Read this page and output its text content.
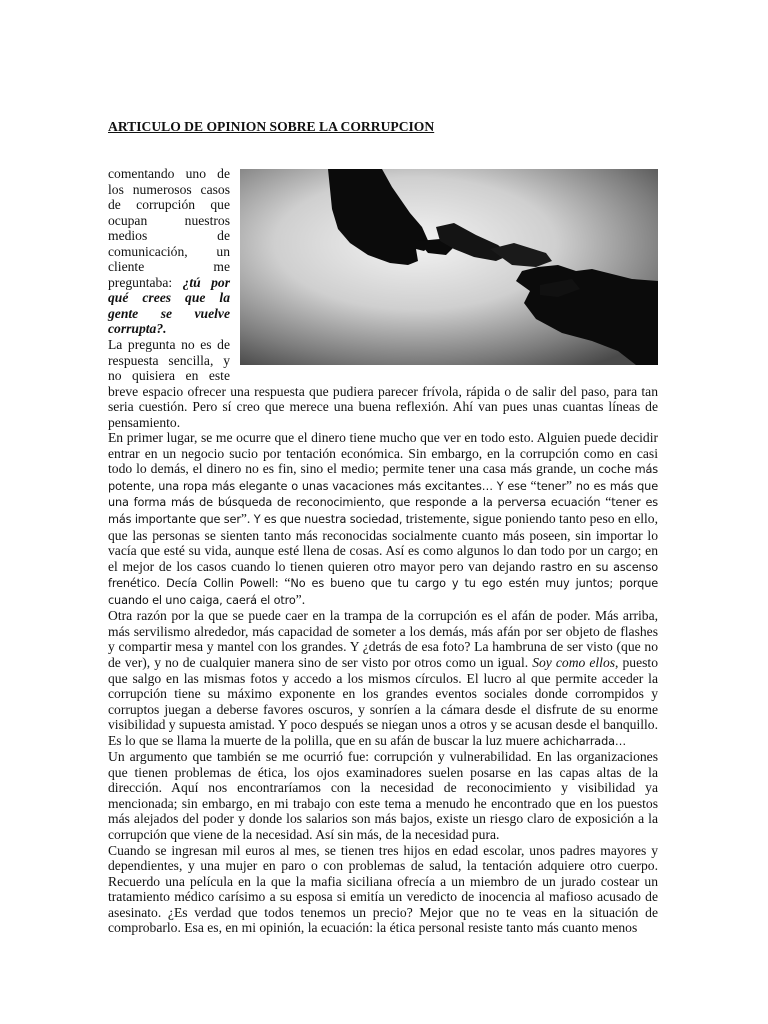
ARTICULO DE OPINION SOBRE LA CORRUPCION

comentando uno de los numerosos casos de corrupción que ocupan nuestros medios de comunicación, un cliente me preguntaba: ¿tú por qué crees que la gente se vuelve corrupta?.

La pregunta no es de respuesta sencilla, y no quisiera en este breve espacio ofrecer una respuesta que pudiera parecer frívola, rápida o de salir del paso, para tan seria cuestión. Pero sí creo que merece una buena reflexión. Ahí van pues unas cuantas líneas de pensamiento.

En primer lugar, se me ocurre que el dinero tiene mucho que ver en todo esto. Alguien puede decidir entrar en un negocio sucio por tentación económica. Sin embargo, en la corrupción como en casi todo lo demás, el dinero no es fin, sino el medio; permite tener una casa más grande, un coche más potente, una ropa más elegante o unas vacaciones más excitantes… Y ese “tener” no es más que una forma más de búsqueda de reconocimiento, que responde a la perversa ecuación “tener es más importante que ser”. Y es que nuestra sociedad, tristemente, sigue poniendo tanto peso en ello, que las personas se sienten tanto más reconocidas socialmente cuanto más poseen, sin importar lo vacía que esté su vida, aunque esté llena de cosas. Así es como algunos lo dan todo por un cargo; en el mejor de los casos cuando lo tienen quieren otro mayor pero van dejando rastro en su ascenso frenético. Decía Collin Powell: “No es bueno que tu cargo y tu ego estén muy juntos; porque cuando el uno caiga, caerá el otro”.

Otra razón por la que se puede caer en la trampa de la corrupción es el afán de poder. Más arriba, más servilismo alrededor, más capacidad de someter a los demás, más afán por ser objeto de flashes y compartir mesa y mantel con los grandes. Y ¿detrás de esa foto? La hambruna de ser visto (que no de ver), y no de cualquier manera sino de ser visto por otros como un igual. Soy como ellos, puesto que salgo en las mismas fotos y accedo a los mismos círculos. El lucro al que permite acceder la corrupción tiene su máximo exponente en los grandes eventos sociales donde corrompidos y corruptos juegan a deberse favores oscuros, y sonríen a la cámara desde el disfrute de su enorme visibilidad y supuesta amistad. Y poco después se niegan unos a otros y se acusan desde el banquillo. Es lo que se llama la muerte de la polilla, que en su afán de buscar la luz muere achicharrada…

Un argumento que también se me ocurrió fue: corrupción y vulnerabilidad. En las organizaciones que tienen problemas de ética, los ojos examinadores suelen posarse en las capas altas de la dirección. Aquí nos encontraríamos con la necesidad de reconocimiento y visibilidad ya mencionada; sin embargo, en mi trabajo con este tema a menudo he encontrado que en los puestos más alejados del poder y donde los salarios son más bajos, existe un riesgo claro de exposición a la corrupción que viene de la necesidad. Así sin más, de la necesidad pura.

Cuando se ingresan mil euros al mes, se tienen tres hijos en edad escolar, unos padres mayores y dependientes, y una mujer en paro o con problemas de salud, la tentación adquiere otro cuerpo. Recuerdo una película en la que la mafia siciliana ofrecía a un miembro de un jurado costear un tratamiento médico carísimo a su esposa si emitía un veredicto de inocencia al mafioso acusado de asesinato. ¿Es verdad que todos tenemos un precio? Mejor que no te veas en la situación de comprobarlo. Esa es, en mi opinión, la ecuación: la ética personal resiste tanto más cuanto menos
